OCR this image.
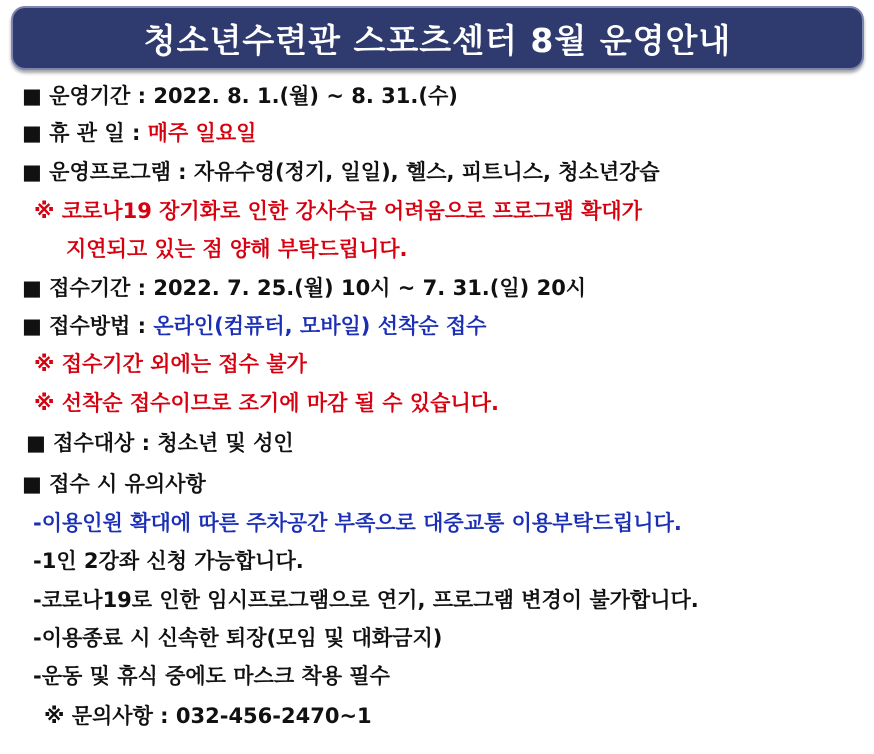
청소년수련관 스포츠센터 8월 운영안내
■ 운영기간 : 2022. 8. 1.(월) ~ 8. 31.(수)
■ 휴 관 일 : 매주 일요일
■ 운영프로그램 : 자유수영(정기, 일일), 헬스, 피트니스, 청소년강습
※ 코로나19 장기화로 인한 강사수급 어려움으로 프로그램 확대가
지연되고 있는 점 양해 부탁드립니다.
■ 접수기간 : 2022. 7. 25.(월) 10시 ~ 7. 31.(일) 20시
■ 접수방법 : 온라인(컴퓨터, 모바일) 선착순 접수
※ 접수기간 외에는 접수 불가
※ 선착순 접수이므로 조기에 마감 될 수 있습니다.
■ 접수대상 : 청소년 및 성인
■ 접수 시 유의사항
-이용인원 확대에 따른 주차공간 부족으로 대중교통 이용부탁드립니다.
-1인 2강좌 신청 가능합니다.
-코로나19로 인한 임시프로그램으로 연기, 프로그램 변경이 불가합니다.
-이용종료 시 신속한 퇴장(모임 및 대화금지)
-운동 및 휴식 중에도 마스크 착용 필수
※ 문의사항 : 032-456-2470~1
